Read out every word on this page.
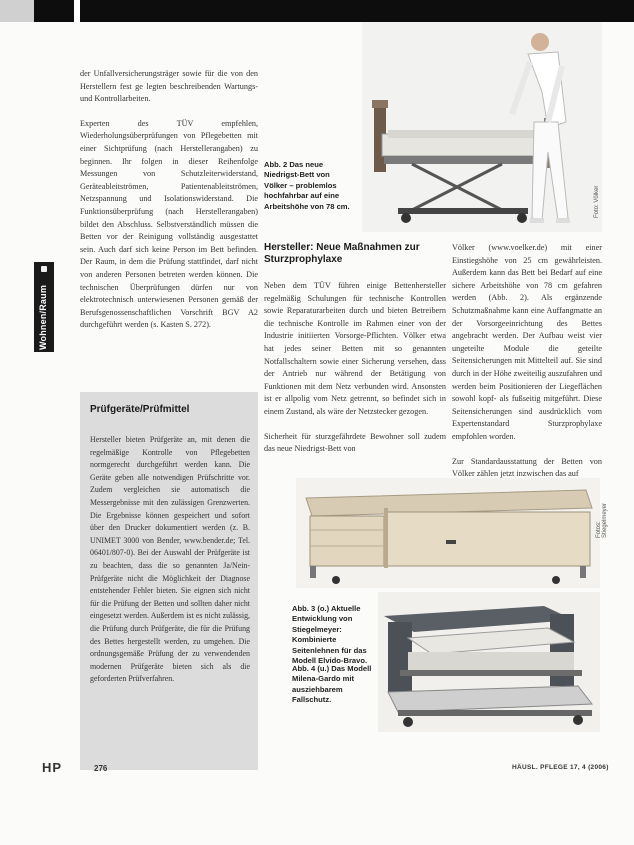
Wohnen/Raum

der Unfallversicherungsträger sowie für die von den Herstellern fest ge legten beschreibenden Wartungs- und Kontrollarbeiten.

Experten des TÜV empfehlen, Wiederholungsüberprüfungen von Pflegebetten mit einer Sichtprüfung (nach Herstellerangaben) zu beginnen. Ihr folgen in dieser Reihenfolge Messungen von Schutzleiterwiderstand, Geräteableitströmen, Patientenableitströmen, Netzspannung und Isolationswiderstand. Die Funktionsüberprüfung (nach Herstellerangaben) bildet den Abschluss. Selbstverständlich müssen die Betten vor der Reinigung vollständig ausgestattet sein. Auch darf sich keine Person im Bett befinden. Der Raum, in dem die Prüfung stattfindet, darf nicht von anderen Personen betreten werden können. Die technischen Überprüfungen dürfen nur von elektrotechnisch unterwiesenen Personen gemäß der Berufsgenossenschaftlichen Vorschrift BGV A2 durchgeführt werden (s. Kasten S. 272).

Prüfgeräte/Prüfmittel
Hersteller bieten Prüfgeräte an, mit denen die regelmäßige Kontrolle von Pflegebetten normgerecht durchgeführt werden kann. Die Geräte geben alle notwendigen Prüfschritte vor. Zudem vergleichen sie automatisch die Messergebnisse mit den zulässigen Grenzwerten. Die Ergebnisse können gespeichert und sofort über den Drucker dokumentiert werden (z. B. UNIMET 3000 von Bender, www.bender.de; Tel. 06401/807-0). Bei der Auswahl der Prüfgeräte ist zu beachten, dass die so genannten Ja/Nein-Prüfgeräte nicht die Möglichkeit der Diagnose entstehender Fehler bieten. Sie eignen sich nicht für die Prüfung der Betten und sollten daher nicht eingesetzt werden. Außerdem ist es nicht zulässig, die Prüfung durch Prüfgeräte, die für die Prüfung des Bettes hergestellt werden, zu umgehen. Die ordnungsgemäße Prüfung der zu verwendenden modernen Prüfgeräte bieten sich als die geforderten Prüfverfahren.
Foto: Völker
Abb. 2 Das neue Niedrigst-Bett von Völker – problemlos hochfahrbar auf eine Arbeitshöhe von 78 cm.
Hersteller: Neue Maßnahmen zur Sturzprophylaxe
Neben dem TÜV führen einige Bettenhersteller regelmäßig Schulungen für technische Kontrollen sowie Reparaturarbeiten durch und bieten Betreibern die technische Kontrolle im Rahmen einer von der Industrie initiierten Vorsorge-Pflichten. Völker etwa hat jedes seiner Betten mit so genannten Notfallschaltern sowie einer Sicherung versehen, dass der Antrieb nur während der Betätigung von Funktionen mit dem Netz verbunden wird. Ansonsten ist er allpolig vom Netz getrennt, so befindet sich in einem Zustand, als wäre der Netzstecker gezogen.
Sicherheit für sturzgefährdete Bewohner soll zudem das neue Niedrigst-Bett von
Völker (www.voelker.de) mit einer Einstiegshöhe von 25 cm gewährleisten. Außerdem kann das Bett bei Bedarf auf eine sichere Arbeitshöhe von 78 cm gefahren werden (Abb. 2). Als ergänzende Schutzmaßnahme kann eine Auffangmatte an der Vorsorgeeinrichtung des Bettes angebracht werden. Der Aufbau weist vier ungeteilte Module die geteilte Seitensicherungen mit Mittelteil auf. Sie sind durch in der Höhe zweiteilig auszufahren und werden beim Positionieren der Liegeflächen sowohl kopf- als fußseitig mitgeführt. Diese Seitensicherungen sind ausdrücklich vom Expertenstandard Sturzprophylaxe empfohlen worden.
Zur Standardausstattung der Betten von Völker zählen jetzt inzwischen das auf
Fotos: Stiegelmeyer
Abb. 3 (o.) Aktuelle Entwicklung von Stiegelmeyer: Kombinierte Seitenlehnen für das Modell Elvido-Bravo.
Abb. 4 (u.) Das Modell Milena-Gardo mit ausziehbarem Fallschutz.
HP	276	HÄUSL. PFLEGE 17, 4 (2006)
